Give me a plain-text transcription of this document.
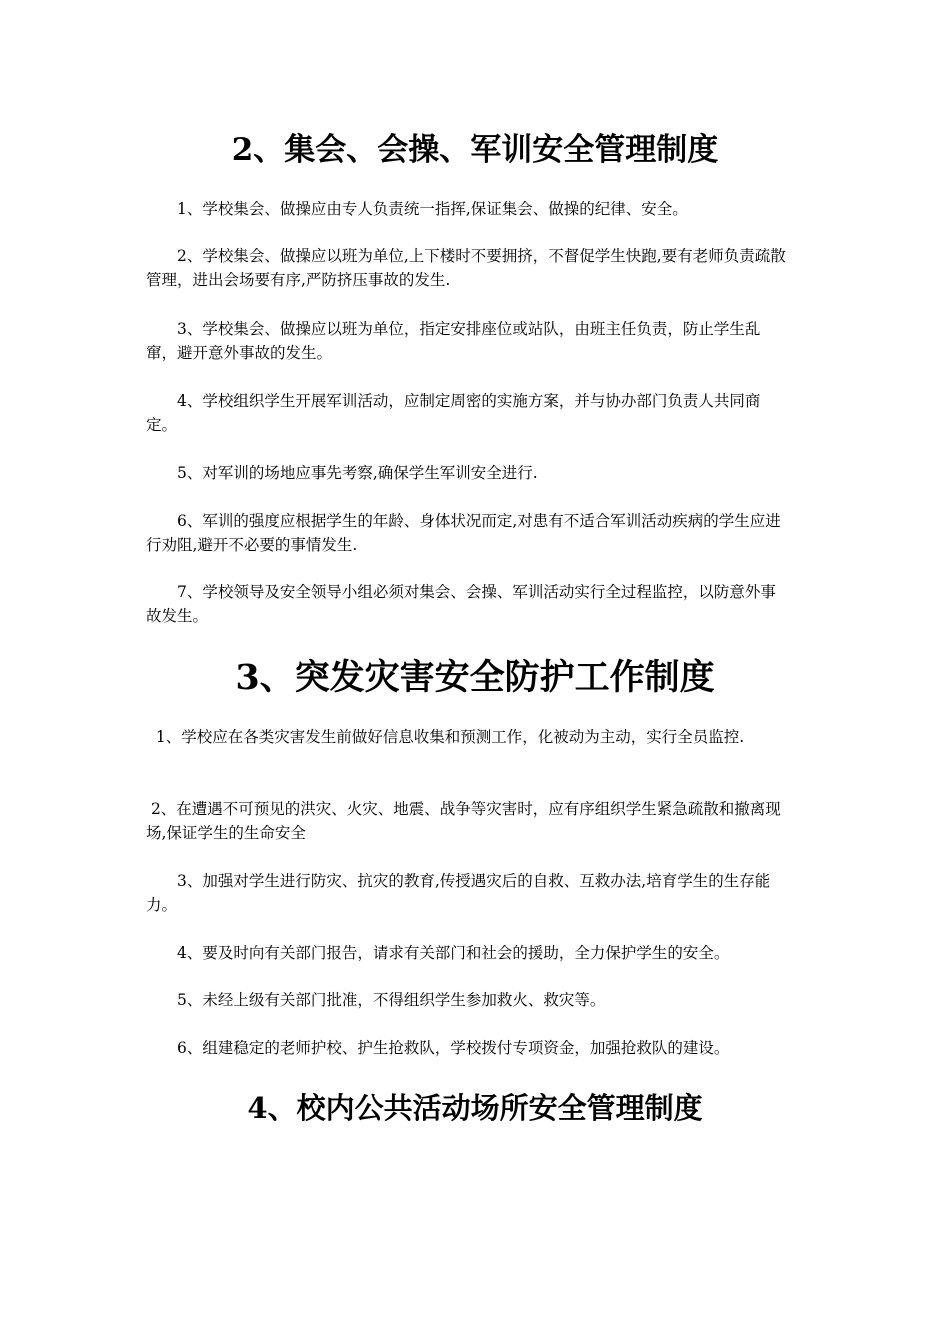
2、集会、会操、军训安全管理制度

　　1、学校集会、做操应由专人负责统一指挥,保证集会、做操的纪律、安全。

　　2、学校集会、做操应以班为单位,上下楼时不要拥挤，不督促学生快跑,要有老师负责疏散管理，进出会场要有序,严防挤压事故的发生.

　　3、学校集会、做操应以班为单位，指定安排座位或站队，由班主任负责，防止学生乱窜，避开意外事故的发生。

　　4、学校组织学生开展军训活动，应制定周密的实施方案，并与协办部门负责人共同商定。

　　5、对军训的场地应事先考察,确保学生军训安全进行.

　　6、军训的强度应根据学生的年龄、身体状况而定,对患有不适合军训活动疾病的学生应进行劝阻,避开不必要的事情发生.

　　7、学校领导及安全领导小组必须对集会、会操、军训活动实行全过程监控，以防意外事故发生。

3、突发灾害安全防护工作制度

1、学校应在各类灾害发生前做好信息收集和预测工作，化被动为主动，实行全员监控.

2、在遭遇不可预见的洪灾、火灾、地震、战争等灾害时，应有序组织学生紧急疏散和撤离现场,保证学生的生命安全

　　3、加强对学生进行防灾、抗灾的教育,传授遇灾后的自救、互救办法,培育学生的生存能力。

　　4、要及时向有关部门报告，请求有关部门和社会的援助，全力保护学生的安全。

　　5、未经上级有关部门批准，不得组织学生参加救火、救灾等。

　　6、组建稳定的老师护校、护生抢救队，学校拨付专项资金，加强抢救队的建设。

4、校内公共活动场所安全管理制度
